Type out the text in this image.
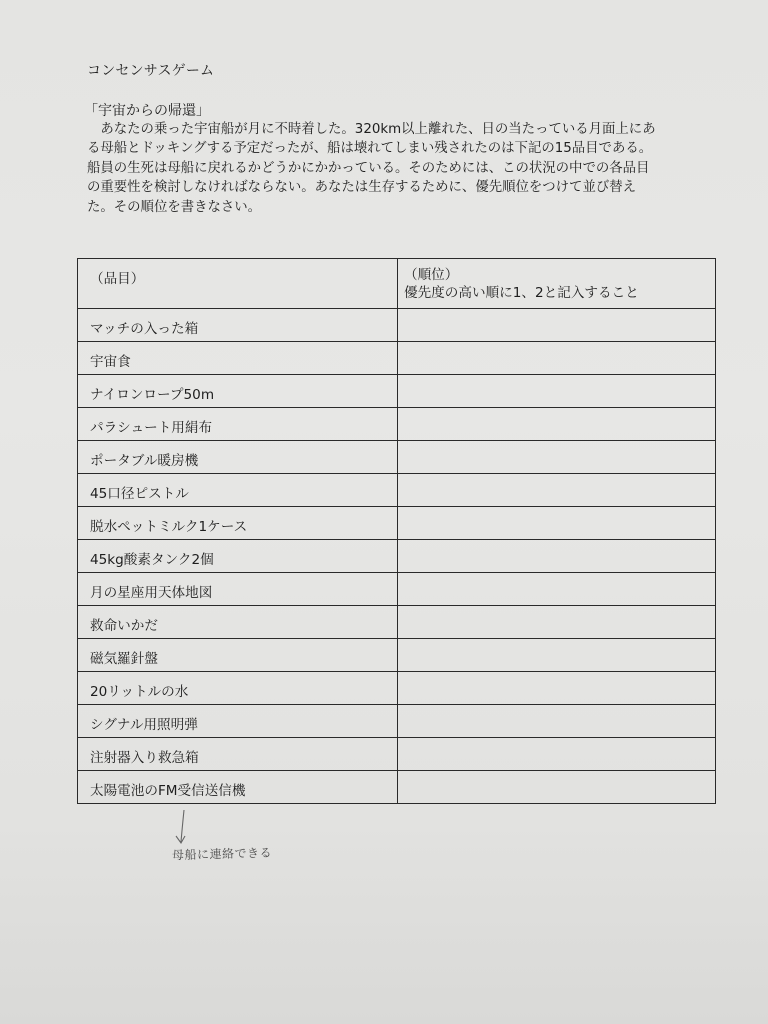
コンセンサスゲーム
「宇宙からの帰還」
　あなたの乗った宇宙船が月に不時着した。320km以上離れた、日の当たっている月面上にあ
る母船とドッキングする予定だったが、船は壊れてしまい残されたのは下記の15品目である。
船員の生死は母船に戻れるかどうかにかかっている。そのためには、この状況の中での各品目
の重要性を検討しなければならない。あなたは生存するために、優先順位をつけて並び替え
た。その順位を書きなさい。
（品目）	（順位）
優先度の高い順に1、2と記入すること

マッチの入った箱	

宇宙食	

ナイロンロープ50m	

パラシュート用絹布	

ポータブル暖房機	

45口径ピストル	

脱水ペットミルク1ケース	

45kg酸素タンク2個	

月の星座用天体地図	

救命いかだ	

磁気羅針盤	

20リットルの水	

シグナル用照明弾	

注射器入り救急箱	

太陽電池のFM受信送信機	

母船に連絡できる
